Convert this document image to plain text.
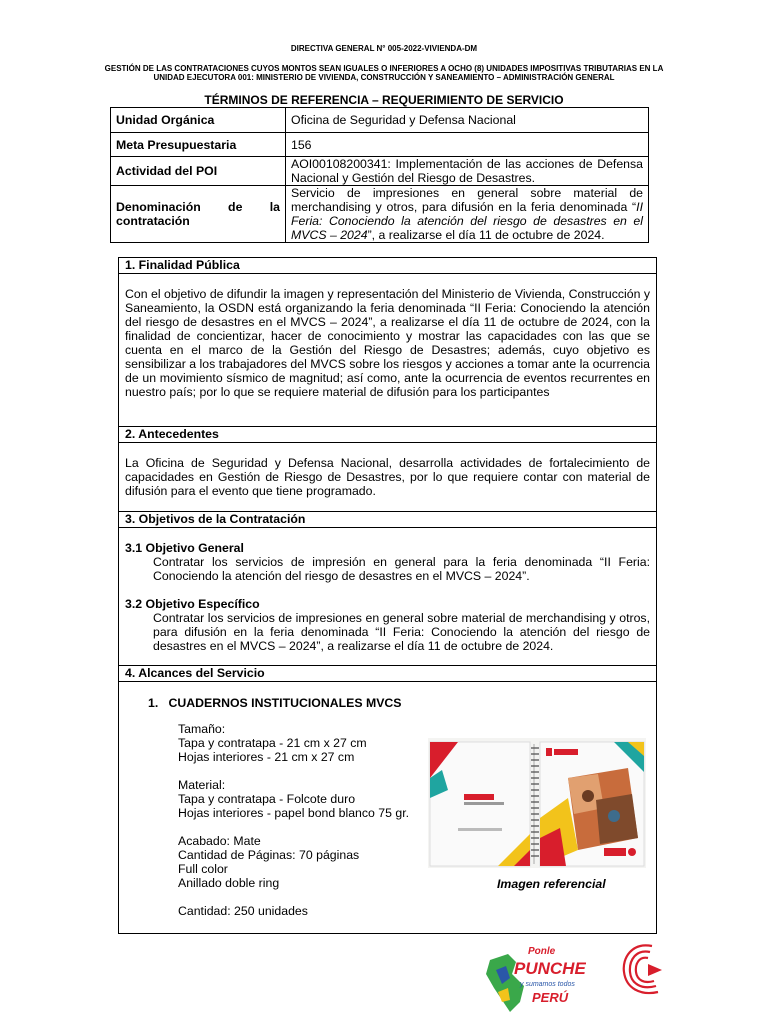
DIRECTIVA GENERAL N° 005-2022-VIVIENDA-DM
GESTIÓN DE LAS CONTRATACIONES CUYOS MONTOS SEAN IGUALES O INFERIORES A OCHO (8) UNIDADES IMPOSITIVAS TRIBUTARIAS EN LA UNIDAD EJECUTORA 001: MINISTERIO DE VIVIENDA, CONSTRUCCIÓN Y SANEAMIENTO – ADMINISTRACIÓN GENERAL
TÉRMINOS DE REFERENCIA – REQUERIMIENTO DE SERVICIO
Unidad Orgánica	Oficina de Seguridad y Defensa Nacional
Meta Presupuestaria	156
Actividad del POI	AOI00108200341: Implementación de las acciones de Defensa Nacional y Gestión del Riesgo de Desastres.

Denominación de la
contratación	Servicio de impresiones en general sobre material de merchandising y otros, para difusión en la feria denominada “II Feria: Conociendo la atención del riesgo de desastres en el MVCS – 2024”, a realizarse el día 11 de octubre de 2024.
1. Finalidad Pública
Con el objetivo de difundir la imagen y representación del Ministerio de Vivienda, Construcción y Saneamiento, la OSDN está organizando la feria denominada “II Feria: Conociendo la atención del riesgo de desastres en el MVCS – 2024”, a realizarse el día 11 de octubre de 2024, con la finalidad de concientizar, hacer de conocimiento y mostrar las capacidades con las que se cuenta en el marco de la Gestión del Riesgo de Desastres; además, cuyo objetivo es sensibilizar a los trabajadores del MVCS sobre los riesgos y acciones a tomar ante la ocurrencia de un movimiento sísmico de magnitud; así como, ante la ocurrencia de eventos recurrentes en nuestro país; por lo que se requiere material de difusión para los participantes
2. Antecedentes
La Oficina de Seguridad y Defensa Nacional, desarrolla actividades de fortalecimiento de capacidades en Gestión de Riesgo de Desastres, por lo que requiere contar con material de difusión para el evento que tiene programado.
3. Objetivos de la Contratación
3.1 Objetivo General
Contratar los servicios de impresión en general para la feria denominada “II Feria: Conociendo la atención del riesgo de desastres en el MVCS – 2024”.
3.2 Objetivo Específico
Contratar los servicios de impresiones en general sobre material de merchandising y otros, para difusión en la feria denominada “II Feria: Conociendo la atención del riesgo de desastres en el MVCS – 2024”, a realizarse el día 11 de octubre de 2024.
4. Alcances del Servicio
1.   CUADERNOS INSTITUCIONALES MVCS
Tamaño:
Tapa y contratapa - 21 cm x 27 cm
Hojas interiores - 21 cm x 27 cm
Material:
Tapa y contratapa - Folcote duro
Hojas interiores - papel bond blanco 75 gr.
Acabado: Mate
Cantidad de Páginas: 70 páginas
Full color
Anillado doble ring
Cantidad: 250 unidades
Imagen referencial
Ponle
PUNCHE
y sumamos todos
PERÚ
